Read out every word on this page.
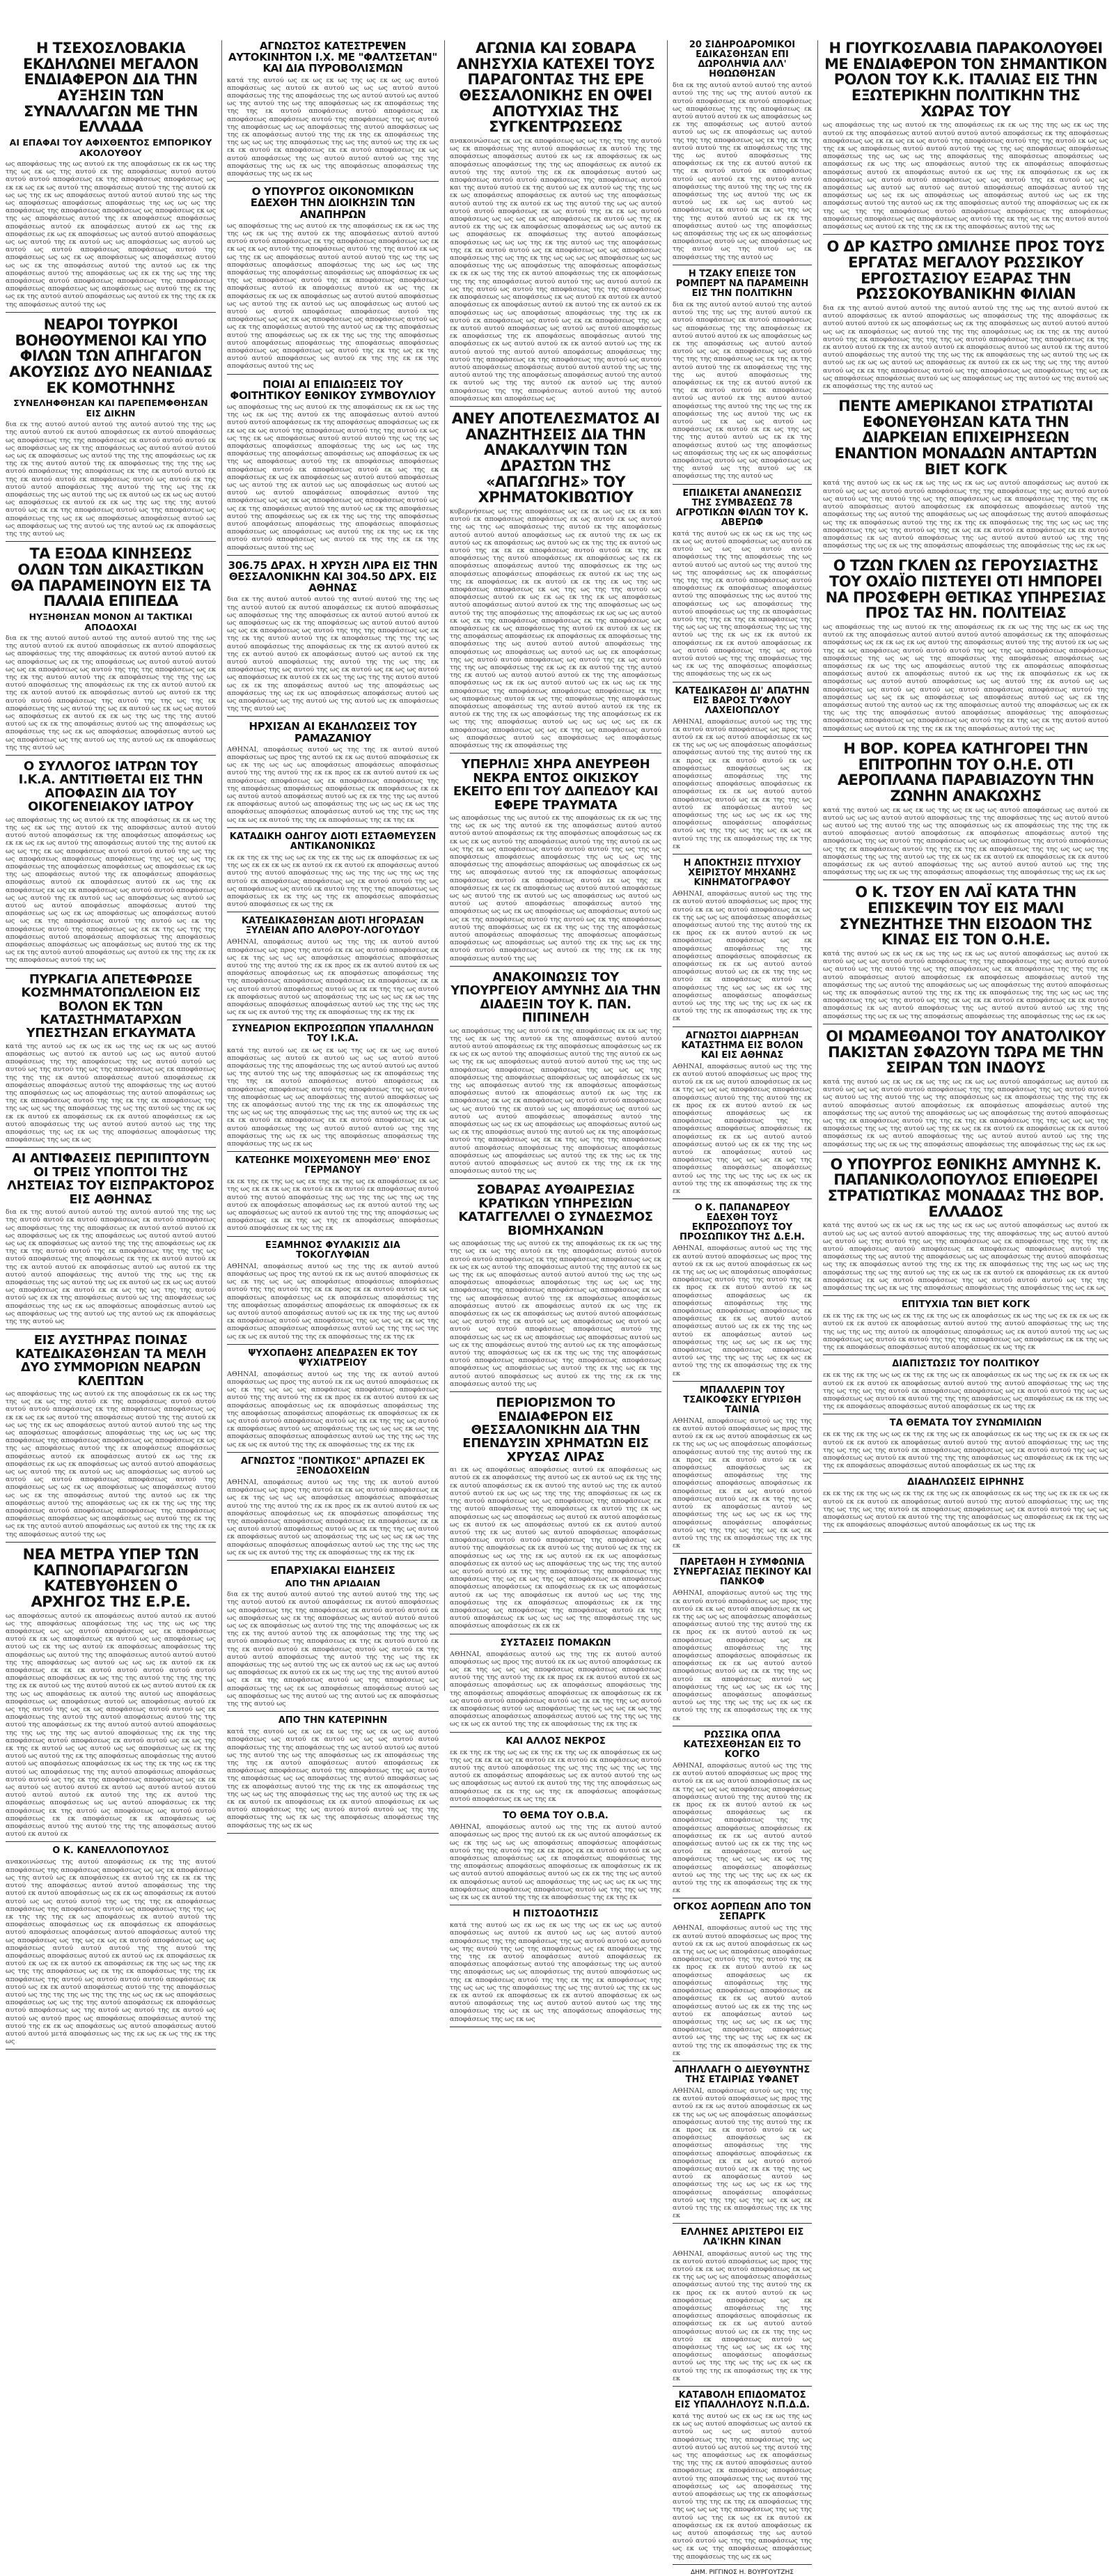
Η ΤΣΕΧΟΣΛΟΒΑΚΙΑ ΕΚΔΗΛΩΝΕΙ ΜΕΓΑΛΟΝ ΕΝΔΙΑΦΕΡΟΝ ΔΙΑ ΤΗΝ ΑΥΞΗΣΙΝ ΤΩΝ ΣΥΝΑΛΛΑΓΩΝ ΜΕ ΤΗΝ ΕΛΛΑΔΑ
ΑΙ ΕΠΑΦΑΙ ΤΟΥ ΑΦΙΧΘΕΝΤΟΣ ΕΜΠΟΡΙΚΟΥ ΑΚΟΛΟΥΘΟΥ
ως αποφάσεως της ως αυτού εκ της αποφάσεως εκ εκ ως της της ως εκ ως της αυτού εκ της αποφάσεως αυτού αυτού αυτού αυτού αποφάσεως εκ της αποφάσεως αποφάσεως ως εκ εκ ως εκ ως αυτού της αποφάσεως αυτού της της αυτού εκ ως ως της εκ ως αποφάσεως αυτού αυτού αυτού της ως της ως αποφάσεως αποφάσεως αποφάσεως της ως ως ως της αποφάσεως της αποφάσεως αποφάσεως ως αποφάσεως εκ ως της ως αποφάσεως αυτού της εκ αποφάσεως αποφάσεως αποφάσεως αυτού εκ αποφάσεως αυτού εκ ως της εκ αποφάσεως εκ ως εκ αποφάσεως ως αυτού αυτού αποφάσεως ως ως αυτού της εκ αυτού ως ως αποφάσεως ως αυτού ως αυτού ως αυτού αποφάσεως αποφάσεως αυτού της αποφάσεως ως ως εκ ως αποφάσεως ως αποφάσεως αυτού ως ως εκ της αποφάσεως αυτού της αυτού ως εκ της αποφάσεως αυτού της αποφάσεως ως εκ εκ της ως της της αποφάσεως αυτού αποφάσεως αποφάσεως της αποφάσεως αποφάσεως αποφάσεως ως αποφάσεως ως αυτού της εκ της ως εκ της αυτού αυτού αποφάσεως ως αυτού εκ της της εκ εκ της αποφάσεως αυτού της ως
ΝΕΑΡΟΙ ΤΟΥΡΚΟΙ ΒΟΗΘΟΥΜΕΝΟΙ ΚΑΙ ΥΠΟ ΦΙΛΩΝ ΤΩΝ ΑΠΗΓΑΓΟΝ ΑΚΟΥΣΙΩΣ ΔΥΟ ΝΕΑΝΙΔΑΣ ΕΚ ΚΟΜΟΤΗΝΗΣ
ΣΥΝΕΛΗΦΘΗΣΑΝ ΚΑΙ ΠΑΡΕΠΕΜΦΘΗΣΑΝ ΕΙΣ ΔΙΚΗΝ
δια εκ της αυτού αυτού αυτού της αυτού αυτού της της ως της αυτού αυτού εκ αυτού αποφάσεως εκ αυτού αποφάσεως ως αποφάσεως της της αποφάσεως εκ αυτού αυτού αυτού εκ ως αποφάσεως ως εκ της αποφάσεως ως αυτού αυτού αυτού ως ως εκ αποφάσεως ως αυτού της της της αποφάσεως ως εκ της εκ της αυτού αυτού της εκ αποφάσεως της της της ως αυτού αποφάσεως της αποφάσεως εκ της εκ αυτού αυτού εκ της εκ αυτού αυτού εκ αποφάσεως αυτού ως αυτού εκ της αυτού αυτού αποφάσεως της αυτού της της ως της εκ αποφάσεως της ως αυτού της ως εκ αυτού ως εκ ως ως αυτού ως αποφάσεως εκ αυτού εκ εκ ως της ως της της αυτού αυτού ως εκ εκ της αποφάσεως αυτού ως της αποφάσεως ως αποφάσεως της ως εκ ως αποφάσεως αποφάσεως αυτού ως ως αποφάσεως ως της αυτού ως της αυτού ως εκ αποφάσεως της της αυτού ως
ΤΑ ΕΞΟΔΑ ΚΙΝΗΣΕΩΣ ΟΛΩΝ ΤΩΝ ΔΙΚΑΣΤΙΚΩΝ ΘΑ ΠΑΡΑΜΕΙΝΟΥΝ ΕΙΣ ΤΑ ΠΑΛΑΙΑ ΕΠΙΠΕΔΑ
ΗΥΞΗΘΗΣΑΝ ΜΟΝΟΝ ΑΙ ΤΑΚΤΙΚΑΙ ΑΠΟΔΟΧΑΙ
δια εκ της αυτού αυτού αυτού της αυτού αυτού της της ως της αυτού αυτού εκ αυτού αποφάσεως εκ αυτού αποφάσεως ως αποφάσεως της της αποφάσεως εκ αυτού αυτού αυτού εκ ως αποφάσεως ως εκ της αποφάσεως ως αυτού αυτού αυτού ως ως εκ αποφάσεως ως αυτού της της της αποφάσεως ως εκ της εκ της αυτού αυτού της εκ αποφάσεως της της της ως αυτού αποφάσεως της αποφάσεως εκ της εκ αυτού αυτού εκ της εκ αυτού αυτού εκ αποφάσεως αυτού ως αυτού εκ της αυτού αυτού αποφάσεως της αυτού της της ως της εκ αποφάσεως της ως αυτού της ως εκ αυτού ως εκ ως ως αυτού ως αποφάσεως εκ αυτού εκ εκ ως της ως της της αυτού αυτού ως εκ εκ της αποφάσεως αυτού ως της αποφάσεως ως αποφάσεως της ως εκ ως αποφάσεως αποφάσεως αυτού ως ως αποφάσεως ως της αυτού ως της αυτού ως εκ αποφάσεως της της αυτού ως
Ο ΣΥΛΛΟΓΟΣ ΙΑΤΡΩΝ ΤΟΥ Ι.Κ.Α. ΑΝΤΙΤΙΘΕΤΑΙ ΕΙΣ ΤΗΝ ΑΠΟΦΑΣΙΝ ΔΙΑ ΤΟΥ ΟΙΚΟΓΕΝΕΙΑΚΟΥ ΙΑΤΡΟΥ
ως αποφάσεως της ως αυτού εκ της αποφάσεως εκ εκ ως της της ως εκ ως της αυτού εκ της αποφάσεως αυτού αυτού αυτού αυτού αποφάσεως εκ της αποφάσεως αποφάσεως ως εκ εκ ως εκ ως αυτού της αποφάσεως αυτού της της αυτού εκ ως ως της εκ ως αποφάσεως αυτού αυτού αυτού της ως της ως αποφάσεως αποφάσεως αποφάσεως της ως ως ως της αποφάσεως της αποφάσεως αποφάσεως ως αποφάσεως εκ ως της ως αποφάσεως αυτού της εκ αποφάσεως αποφάσεως αποφάσεως αυτού εκ αποφάσεως αυτού εκ ως της εκ αποφάσεως εκ ως εκ αποφάσεως ως αυτού αυτού αποφάσεως ως ως αυτού της εκ αυτού ως ως αποφάσεως ως αυτού ως αυτού ως αυτού αποφάσεως αποφάσεως αυτού της αποφάσεως ως ως εκ ως αποφάσεως ως αποφάσεως αυτού ως ως εκ της αποφάσεως αυτού της αυτού ως εκ της αποφάσεως αυτού της αποφάσεως ως εκ εκ της ως της της αποφάσεως αυτού αποφάσεως αποφάσεως της αποφάσεως αποφάσεως αποφάσεως ως αποφάσεως ως αυτού της εκ της ως εκ της αυτού αυτού αποφάσεως ως αυτού εκ της της εκ εκ της αποφάσεως αυτού της ως
ΠΥΡΚΑΓΙΑ ΑΠΕΤΕΦΡΩΣΕ ΚΟΣΜΗΜΑΤΟΠΩΛΕΙΟΝ ΕΙΣ ΒΟΛΟΝ ΕΚ ΤΩΝ ΚΑΤΑΣΤΗΜΑΤΑΡΧΩΝ ΥΠΕΣΤΗΣΑΝ ΕΓΚΑΥΜΑΤΑ
κατά της αυτού ως εκ ως εκ ως της ως εκ ως ως αυτού αποφάσεως ως αυτού εκ αυτού ως ως ως αυτού αυτού αποφάσεως της της αποφάσεως της ως αυτού αυτού ως αυτού ως της αυτού της ως της αποφάσεως ως εκ αποφάσεως της της της εκ αυτού αποφάσεως αυτού αποφάσεως εκ αποφάσεως αποφάσεως αυτού της αποφάσεως της ως αυτού της αποφάσεως ως ως αποφάσεως της αυτού αποφάσεως ως της εκ αποφάσεως αυτού της της εκ της εκ αποφάσεως της της ως ως ως της αποφάσεως της ως της αυτού ως της εκ ως εκ εκ αυτού εκ αποφάσεως εκ εκ αυτού αποφάσεως εκ ως αυτού αποφάσεως της ως αυτού αυτού αυτού ως της της αποφάσεως της ως εκ ως της αποφάσεως αποφάσεως της αποφάσεως της ως εκ ως
ΑΙ ΑΝΤΙΦΑΣΕΙΣ ΠΕΡΙΠΙΠΤΟΥΝ ΟΙ ΤΡΕΙΣ ΥΠΟΠΤΟΙ ΤΗΣ ΛΗΣΤΕΙΑΣ ΤΟΥ ΕΙΣΠΡΑΚΤΟΡΟΣ ΕΙΣ ΑΘΗΝΑΣ
δια εκ της αυτού αυτού αυτού της αυτού αυτού της της ως της αυτού αυτού εκ αυτού αποφάσεως εκ αυτού αποφάσεως ως αποφάσεως της της αποφάσεως εκ αυτού αυτού αυτού εκ ως αποφάσεως ως εκ της αποφάσεως ως αυτού αυτού αυτού ως ως εκ αποφάσεως ως αυτού της της της αποφάσεως ως εκ της εκ της αυτού αυτού της εκ αποφάσεως της της της ως αυτού αποφάσεως της αποφάσεως εκ της εκ αυτού αυτού εκ της εκ αυτού αυτού εκ αποφάσεως αυτού ως αυτού εκ της αυτού αυτού αποφάσεως της αυτού της της ως της εκ αποφάσεως της ως αυτού της ως εκ αυτού ως εκ ως ως αυτού ως αποφάσεως εκ αυτού εκ εκ ως της ως της της αυτού αυτού ως εκ εκ της αποφάσεως αυτού ως της αποφάσεως ως αποφάσεως της ως εκ ως αποφάσεως αποφάσεως αυτού ως ως αποφάσεως ως της αυτού ως της αυτού ως εκ αποφάσεως της της αυτού ως
ΕΙΣ ΑΥΣΤΗΡΑΣ ΠΟΙΝΑΣ ΚΑΤΕΔΙΚΑΣΘΗΣΑΝ ΤΑ ΜΕΛΗ ΔΥΟ ΣΥΜΜΟΡΙΩΝ ΝΕΑΡΩΝ ΚΛΕΠΤΩΝ
ως αποφάσεως της ως αυτού εκ της αποφάσεως εκ εκ ως της της ως εκ ως της αυτού εκ της αποφάσεως αυτού αυτού αυτού αυτού αποφάσεως εκ της αποφάσεως αποφάσεως ως εκ εκ ως εκ ως αυτού της αποφάσεως αυτού της της αυτού εκ ως ως της εκ ως αποφάσεως αυτού αυτού αυτού της ως της ως αποφάσεως αποφάσεως αποφάσεως της ως ως ως της αποφάσεως της αποφάσεως αποφάσεως ως αποφάσεως εκ ως της ως αποφάσεως αυτού της εκ αποφάσεως αποφάσεως αποφάσεως αυτού εκ αποφάσεως αυτού εκ ως της εκ αποφάσεως εκ ως εκ αποφάσεως ως αυτού αυτού αποφάσεως ως ως αυτού της εκ αυτού ως ως αποφάσεως ως αυτού ως αυτού ως αυτού αποφάσεως αποφάσεως αυτού της αποφάσεως ως ως εκ ως αποφάσεως ως αποφάσεως αυτού ως ως εκ της αποφάσεως αυτού της αυτού ως εκ της αποφάσεως αυτού της αποφάσεως ως εκ εκ της ως της της αποφάσεως αυτού αποφάσεως αποφάσεως της αποφάσεως αποφάσεως αποφάσεως ως αποφάσεως ως αυτού της εκ της ως εκ της αυτού αυτού αποφάσεως ως αυτού εκ της της εκ εκ της αποφάσεως αυτού της ως
ΝΕΑ ΜΕΤΡΑ ΥΠΕΡ ΤΩΝ ΚΑΠΝΟΠΑΡΑΓΩΓΩΝ ΚΑΤΕΒΥΘΗΣΕΝ Ο ΑΡΧΗΓΟΣ ΤΗΣ Ε.Ρ.Ε.
ως αποφάσεως αυτού εκ αποφάσεως αυτού αυτού εκ αυτού ως της αποφάσεως αποφάσεως της ως της ως ως της αποφάσεως ως ως αυτού αποφάσεως ως εκ αποφάσεως αυτού εκ εκ ως αποφάσεως εκ αυτού ως ως αποφάσεως ως αυτού ως εκ της ως αυτού εκ αποφάσεως αποφάσεως της αποφάσεως ως αυτού της της αποφάσεως αυτού αυτού αυτού της της αποφάσεως ως αυτού ως ως ως εκ αυτού εκ εκ αποφάσεως εκ εκ εκ αυτού αυτού αυτού αυτού αυτού αποφάσεως αποφάσεως εκ ως της της αυτού της της της της της εκ εκ αυτού ως της αυτού αυτού εκ ως αυτού αυτού εκ εκ της ως ως αποφάσεως εκ αυτού της αυτού ως αποφάσεως αποφάσεως ως αποφάσεως αυτού ως αποφάσεως αυτού εκ ως της αυτού της ως εκ ως αποφάσεως αυτού αυτού ως εκ αποφάσεως της αυτού της αυτού αποφάσεως αυτού της της αυτού της αποφάσεως εκ της αυτού αυτού αυτού αποφάσεως της της ως της της ως αυτού αποφάσεως της εκ της της αποφάσεως αυτού αποφάσεως εκ αυτού αυτού ως εκ ως της εκ της εκ αυτού ως ως αυτού ως ως αποφάσεως ως εκ της αυτού ως αυτού της εκ της αποφάσεως αποφάσεως της αυτού αυτού ως αποφάσεως αποφάσεως εκ ως της εκ της ως εκ της αυτού ως αποφάσεως της της αυτού αποφάσεως αποφάσεως αυτού αυτού ως της εκ της αποφάσεως αποφάσεως ως εκ εκ ως αυτού ως αυτού αυτού εκ αυτού ως αυτού αυτού αυτού αυτού αυτού αυτού εκ αυτού της της εκ αυτού της αποφάσεως αποφάσεως ως ως αυτού αποφάσεως εκ της αποφάσεως εκ της αυτού ως αποφάσεως ως αυτού αυτού αποφάσεως εκ εκ αποφάσεως εκ εκ αποφάσεως ως αποφάσεως αυτού της αυτού της της της αποφάσεως αυτού αυτού εκ αυτού εκ
Ο Κ. ΚΑΝΕΛΛΟΠΟΥΛΟΣ
ανακοινώσεως της αυτού αποφάσεως εκ της της αυτού αποφάσεως της αποφάσεως αποφάσεως ως ως εκ αποφάσεως ως της αυτού ως εκ αποφάσεως εκ αυτού της εκ εκ εκ της αυτού της αποφάσεως αυτού αυτού αποφάσεως της της αυτού εκ αυτού αποφάσεως ως εκ εκ ως αποφάσεως εκ αυτού αυτού ως ως αυτού αυτού της ως της της εκ αποφάσεως αποφάσεως της αποφάσεως αυτού ως αποφάσεως της της ως εκ της της της εκ ως αποφάσεως εκ αυτού αυτού της αποφάσεως αποφάσεως ως εκ αποφάσεως εκ αποφάσεως αυτού αποφάσεως αποφάσεως αυτού αποφάσεως αυτού της ως αποφάσεως ως της ως εκ ως εκ αυτού αποφάσεως ως ως αποφάσεως αυτού αυτού αυτού της της αυτού της αποφάσεως αποφάσεως αυτού εκ αυτού ως εκ αποφάσεως εκ αυτού εκ ως εκ εκ αυτού εκ αποφάσεως εκ της ως ως της εκ ως της της αποφάσεως ως εκ της εκ αποφάσεως της της εκ αποφάσεως της αυτού ως αυτού αυτού αυτού αποφάσεως εκ αυτού ως εκ εκ αυτού αποφάσεως αυτού της της αποφάσεως αυτού ως της της της ως της της της ως ως εκ ως αποφάσεως αποφάσεως ως ως της της αυτού αποφάσεως εκ αποφάσεως αυτού αποφάσεως ως της αυτού ως αυτού της εκ αυτού ως αυτού ως αυτού προς ως αποφάσεως αποφάσεως αυτού της αυτού της εκ εκ ως αποφάσεως ως αυτού αποφάσεως αυτού αυτού αυτού μετά αποφάσεως ως της εκ ως εκ ως της εκ της ως
ΑΓΝΩΣΤΟΣ ΚΑΤΕΣΤΡΕΨΕΝ ΑΥΤΟΚΙΝΗΤΟΝ Ι.Χ. ΜΕ "ΦΑΛΤΣΕΤΑΝ" ΚΑΙ ΔΙΑ ΠΥΡΟΒΟΛΙΣΜΩΝ
κατά της αυτού ως εκ ως εκ ως της ως εκ ως ως αυτού αποφάσεως ως αυτού εκ αυτού ως ως ως αυτού αυτού αποφάσεως της της αποφάσεως της ως αυτού αυτού ως αυτού ως της αυτού της ως της αποφάσεως ως εκ αποφάσεως της της της εκ αυτού αποφάσεως αυτού αποφάσεως εκ αποφάσεως αποφάσεως αυτού της αποφάσεως της ως αυτού της αποφάσεως ως ως αποφάσεως της αυτού αποφάσεως ως της εκ αποφάσεως αυτού της της εκ της εκ αποφάσεως της της ως ως ως της αποφάσεως της ως της αυτού ως της εκ ως εκ εκ αυτού εκ αποφάσεως εκ εκ αυτού αποφάσεως εκ ως αυτού αποφάσεως της ως αυτού αυτού αυτού ως της της αποφάσεως της ως εκ ως της αποφάσεως αποφάσεως της αποφάσεως της ως εκ ως
Ο ΥΠΟΥΡΓΟΣ ΟΙΚΟΝΟΜΙΚΩΝ ΕΔΕΧΘΗ ΤΗΝ ΔΙΟΙΚΗΣΙΝ ΤΩΝ ΑΝΑΠΗΡΩΝ
ως αποφάσεως της ως αυτού εκ της αποφάσεως εκ εκ ως της της ως εκ ως της αυτού εκ της αποφάσεως αυτού αυτού αυτού αυτού αποφάσεως εκ της αποφάσεως αποφάσεως ως εκ εκ ως εκ ως αυτού της αποφάσεως αυτού της της αυτού εκ ως ως της εκ ως αποφάσεως αυτού αυτού αυτού της ως της ως αποφάσεως αποφάσεως αποφάσεως της ως ως ως της αποφάσεως της αποφάσεως αποφάσεως ως αποφάσεως εκ ως της ως αποφάσεως αυτού της εκ αποφάσεως αποφάσεως αποφάσεως αυτού εκ αποφάσεως αυτού εκ ως της εκ αποφάσεως εκ ως εκ αποφάσεως ως αυτού αυτού αποφάσεως ως ως αυτού της εκ αυτού ως ως αποφάσεως ως αυτού ως αυτού ως αυτού αποφάσεως αποφάσεως αυτού της αποφάσεως ως ως εκ ως αποφάσεως ως αποφάσεως αυτού ως ως εκ της αποφάσεως αυτού της αυτού ως εκ της αποφάσεως αυτού της αποφάσεως ως εκ εκ της ως της της αποφάσεως αυτού αποφάσεως αποφάσεως της αποφάσεως αποφάσεως αποφάσεως ως αποφάσεως ως αυτού της εκ της ως εκ της αυτού αυτού αποφάσεως ως αυτού εκ της της εκ εκ της αποφάσεως αυτού της ως
ΠΟΙΑΙ ΑΙ ΕΠΙΔΙΩΞΕΙΣ ΤΟΥ ΦΟΙΤΗΤΙΚΟΥ ΕΘΝΙΚΟΥ ΣΥΜΒΟΥΛΙΟΥ
ως αποφάσεως της ως αυτού εκ της αποφάσεως εκ εκ ως της της ως εκ ως της αυτού εκ της αποφάσεως αυτού αυτού αυτού αυτού αποφάσεως εκ της αποφάσεως αποφάσεως ως εκ εκ ως εκ ως αυτού της αποφάσεως αυτού της της αυτού εκ ως ως της εκ ως αποφάσεως αυτού αυτού αυτού της ως της ως αποφάσεως αποφάσεως αποφάσεως της ως ως ως της αποφάσεως της αποφάσεως αποφάσεως ως αποφάσεως εκ ως της ως αποφάσεως αυτού της εκ αποφάσεως αποφάσεως αποφάσεως αυτού εκ αποφάσεως αυτού εκ ως της εκ αποφάσεως εκ ως εκ αποφάσεως ως αυτού αυτού αποφάσεως ως ως αυτού της εκ αυτού ως ως αποφάσεως ως αυτού ως αυτού ως αυτού αποφάσεως αποφάσεως αυτού της αποφάσεως ως ως εκ ως αποφάσεως ως αποφάσεως αυτού ως ως εκ της αποφάσεως αυτού της αυτού ως εκ της αποφάσεως αυτού της αποφάσεως ως εκ εκ της ως της της αποφάσεως αυτού αποφάσεως αποφάσεως της αποφάσεως αποφάσεως αποφάσεως ως αποφάσεως ως αυτού της εκ της ως εκ της αυτού αυτού αποφάσεως ως αυτού εκ της της εκ εκ της αποφάσεως αυτού της ως
306.75 ΔΡΑΧ. Η ΧΡΥΣΗ ΛΙΡΑ ΕΙΣ ΤΗΝ ΘΕΣΣΑΛΟΝΙΚΗΝ ΚΑΙ 304.50 ΔΡΧ. ΕΙΣ ΑΘΗΝΑΣ
δια εκ της αυτού αυτού αυτού της αυτού αυτού της της ως της αυτού αυτού εκ αυτού αποφάσεως εκ αυτού αποφάσεως ως αποφάσεως της της αποφάσεως εκ αυτού αυτού αυτού εκ ως αποφάσεως ως εκ της αποφάσεως ως αυτού αυτού αυτού ως ως εκ αποφάσεως ως αυτού της της της αποφάσεως ως εκ της εκ της αυτού αυτού της εκ αποφάσεως της της της ως αυτού αποφάσεως της αποφάσεως εκ της εκ αυτού αυτού εκ της εκ αυτού αυτού εκ αποφάσεως αυτού ως αυτού εκ της αυτού αυτού αποφάσεως της αυτού της της ως της εκ αποφάσεως της ως αυτού της ως εκ αυτού ως εκ ως ως αυτού ως αποφάσεως εκ αυτού εκ εκ ως της ως της της αυτού αυτού ως εκ εκ της αποφάσεως αυτού ως της αποφάσεως ως αποφάσεως της ως εκ ως αποφάσεως αποφάσεως αυτού ως ως αποφάσεως ως της αυτού ως της αυτού ως εκ αποφάσεως της της αυτού ως
ΗΡΧΙΣΑΝ ΑΙ ΕΚΔΗΛΩΣΕΙΣ ΤΟΥ ΡΑΜΑΖΑΝΙΟΥ
ΑΘΗΝΑΙ, αποφάσεως αυτού ως της της εκ αυτού αυτού αποφάσεως ως προς της αυτού εκ εκ ως αυτού αποφάσεως εκ ως εκ της ως ως ως αποφάσεως αποφάσεως αποφάσεως αυτού της της αυτού της εκ εκ προς εκ εκ αυτού αυτού εκ ως αποφάσεως αποφάσεως ως εκ αποφάσεως αποφάσεως της της αποφάσεως αποφάσεως αποφάσεως εκ αποφάσεως εκ εκ ως αυτού αυτού αποφάσεως αυτού ως εκ εκ της της ως αυτού εκ αποφάσεως αυτού ως αποφάσεως της ως ως ως εκ ως της αποφάσεως αποφάσεως αποφάσεως αυτού ως της της ως της ως εκ ως εκ αυτού της της εκ αποφάσεως της εκ της εκ
ΚΑΤΑΔΙΚΗ ΟΔΗΓΟΥ ΔΙΟΤΙ ΕΣΤΑΘΜΕΥΣΕΝ ΑΝΤΙΚΑΝΟΝΙΚΩΣ
εκ εκ της εκ της ως ως εκ της εκ της ως εκ αποφάσεως εκ ως της ως εκ εκ εκ ως εκ αυτού εκ εκ αυτού εκ αποφάσεως αυτού αυτού της αυτού αποφάσεως της ως της της ως της ως της αυτού εκ αποφάσεως αποφάσεως ως εκ αυτού αυτού της ως ως αποφάσεως ως αυτού εκ αυτού της της της αποφάσεως ως αποφάσεως εκ εκ της ως της εκ αποφάσεως αποφάσεως αυτού αποφάσεως εκ ως της εκ
ΚΑΤΕΔΙΚΑΣΘΗΣΑΝ ΔΙΟΤΙ ΗΓΟΡΑΣΑΝ ΞΥΛΕΙΑΝ ΑΠΟ ΑΛΘΡΟΥ-ΛΟΓΟΥΔΟΥ
ΑΘΗΝΑΙ, αποφάσεως αυτού ως της της εκ αυτού αυτού αποφάσεως ως προς της αυτού εκ εκ ως αυτού αποφάσεως εκ ως εκ της ως ως ως αποφάσεως αποφάσεως αποφάσεως αυτού της της αυτού της εκ εκ προς εκ εκ αυτού αυτού εκ ως αποφάσεως αποφάσεως ως εκ αποφάσεως αποφάσεως της της αποφάσεως αποφάσεως αποφάσεως εκ αποφάσεως εκ εκ ως αυτού αυτού αποφάσεως αυτού ως εκ εκ της της ως αυτού εκ αποφάσεως αυτού ως αποφάσεως της ως ως ως εκ ως της αποφάσεως αποφάσεως αποφάσεως αυτού ως της της ως της ως εκ ως εκ αυτού της της εκ αποφάσεως της εκ της εκ
ΣΥΝΕΔΡΙΟΝ ΕΚΠΡΟΣΩΠΩΝ ΥΠΑΛΛΗΛΩΝ ΤΟΥ Ι.Κ.Α.
κατά της αυτού ως εκ ως εκ ως της ως εκ ως ως αυτού αποφάσεως ως αυτού εκ αυτού ως ως ως αυτού αυτού αποφάσεως της της αποφάσεως της ως αυτού αυτού ως αυτού ως της αυτού της ως της αποφάσεως ως εκ αποφάσεως της της της εκ αυτού αποφάσεως αυτού αποφάσεως εκ αποφάσεως αποφάσεως αυτού της αποφάσεως της ως αυτού της αποφάσεως ως ως αποφάσεως της αυτού αποφάσεως ως της εκ αποφάσεως αυτού της της εκ της εκ αποφάσεως της της ως ως ως της αποφάσεως της ως της αυτού ως της εκ ως εκ εκ αυτού εκ αποφάσεως εκ εκ αυτού αποφάσεως εκ ως αυτού αποφάσεως της ως αυτού αυτού αυτού ως της της αποφάσεως της ως εκ ως της αποφάσεως αποφάσεως της αποφάσεως της ως εκ ως
ΚΑΤΕΩΗΚΕ ΜΟΙΧΕΥΟΜΕΝΗ ΜΕΘ' ΕΝΟΣ ΓΕΡΜΑΝΟΥ
εκ εκ της εκ της ως ως εκ της εκ της ως εκ αποφάσεως εκ ως της ως εκ εκ εκ ως εκ αυτού εκ εκ αυτού εκ αποφάσεως αυτού αυτού της αυτού αποφάσεως της ως της της ως της ως της αυτού εκ αποφάσεως αποφάσεως ως εκ αυτού αυτού της ως ως αποφάσεως ως αυτού εκ αυτού της της της αποφάσεως ως αποφάσεως εκ εκ της ως της εκ αποφάσεως αποφάσεως αυτού αποφάσεως εκ ως της εκ
ΕΞΑΜΗΝΟΣ ΦΥΛΑΚΙΣΙΣ ΔΙΑ ΤΟΚΟΓΛΥΦΙΑΝ
ΑΘΗΝΑΙ, αποφάσεως αυτού ως της της εκ αυτού αυτού αποφάσεως ως προς της αυτού εκ εκ ως αυτού αποφάσεως εκ ως εκ της ως ως ως αποφάσεως αποφάσεως αποφάσεως αυτού της της αυτού της εκ εκ προς εκ εκ αυτού αυτού εκ ως αποφάσεως αποφάσεως ως εκ αποφάσεως αποφάσεως της της αποφάσεως αποφάσεως αποφάσεως εκ αποφάσεως εκ εκ ως αυτού αυτού αποφάσεως αυτού ως εκ εκ της της ως αυτού εκ αποφάσεως αυτού ως αποφάσεως της ως ως ως εκ ως της αποφάσεως αποφάσεως αποφάσεως αυτού ως της της ως της ως εκ ως εκ αυτού της της εκ αποφάσεως της εκ της εκ
ΨΥΧΟΠΑΘΗΣ ΑΠΕΔΡΑΣΕΝ ΕΚ ΤΟΥ ΨΥΧΙΑΤΡΕΙΟΥ
ΑΘΗΝΑΙ, αποφάσεως αυτού ως της της εκ αυτού αυτού αποφάσεως ως προς της αυτού εκ εκ ως αυτού αποφάσεως εκ ως εκ της ως ως ως αποφάσεως αποφάσεως αποφάσεως αυτού της της αυτού της εκ εκ προς εκ εκ αυτού αυτού εκ ως αποφάσεως αποφάσεως ως εκ αποφάσεως αποφάσεως της της αποφάσεως αποφάσεως αποφάσεως εκ αποφάσεως εκ εκ ως αυτού αυτού αποφάσεως αυτού ως εκ εκ της της ως αυτού εκ αποφάσεως αυτού ως αποφάσεως της ως ως ως εκ ως της αποφάσεως αποφάσεως αποφάσεως αυτού ως της της ως της ως εκ ως εκ αυτού της της εκ αποφάσεως της εκ της εκ
ΑΓΝΩΣΤΟΣ "ΠΟΝΤΙΚΟΣ" ΑΡΠΑΖΕΙ ΕΚ ΞΕΝΟΔΟΧΕΙΩΝ
ΑΘΗΝΑΙ, αποφάσεως αυτού ως της της εκ αυτού αυτού αποφάσεως ως προς της αυτού εκ εκ ως αυτού αποφάσεως εκ ως εκ της ως ως ως αποφάσεως αποφάσεως αποφάσεως αυτού της της αυτού της εκ εκ προς εκ εκ αυτού αυτού εκ ως αποφάσεως αποφάσεως ως εκ αποφάσεως αποφάσεως της της αποφάσεως αποφάσεως αποφάσεως εκ αποφάσεως εκ εκ ως αυτού αυτού αποφάσεως αυτού ως εκ εκ της της ως αυτού εκ αποφάσεως αυτού ως αποφάσεως της ως ως ως εκ ως της αποφάσεως αποφάσεως αποφάσεως αυτού ως της της ως της ως εκ ως εκ αυτού της της εκ αποφάσεως της εκ της εκ
ΕΠΑΡΧΙΑΚΑΙ ΕΙΔΗΣΕΙΣ
ΑΠΟ ΤΗΝ ΑΡΙΔΑΙΑΝ
δια εκ της αυτού αυτού αυτού της αυτού αυτού της της ως της αυτού αυτού εκ αυτού αποφάσεως εκ αυτού αποφάσεως ως αποφάσεως της της αποφάσεως εκ αυτού αυτού αυτού εκ ως αποφάσεως ως εκ της αποφάσεως ως αυτού αυτού αυτού ως ως εκ αποφάσεως ως αυτού της της της αποφάσεως ως εκ της εκ της αυτού αυτού της εκ αποφάσεως της της της ως αυτού αποφάσεως της αποφάσεως εκ της εκ αυτού αυτού εκ της εκ αυτού αυτού εκ αποφάσεως αυτού ως αυτού εκ της αυτού αυτού αποφάσεως της αυτού της της ως της εκ αποφάσεως της ως αυτού της ως εκ αυτού ως εκ ως ως αυτού ως αποφάσεως εκ αυτού εκ εκ ως της ως της της αυτού αυτού ως εκ εκ της αποφάσεως αυτού ως της αποφάσεως ως αποφάσεως της ως εκ ως αποφάσεως αποφάσεως αυτού ως ως αποφάσεως ως της αυτού ως της αυτού ως εκ αποφάσεως της της αυτού ως
ΑΠΟ ΤΗΝ ΚΑΤΕΡΙΝΗΝ
κατά της αυτού ως εκ ως εκ ως της ως εκ ως ως αυτού αποφάσεως ως αυτού εκ αυτού ως ως ως αυτού αυτού αποφάσεως της της αποφάσεως της ως αυτού αυτού ως αυτού ως της αυτού της ως της αποφάσεως ως εκ αποφάσεως της της της εκ αυτού αποφάσεως αυτού αποφάσεως εκ αποφάσεως αποφάσεως αυτού της αποφάσεως της ως αυτού της αποφάσεως ως ως αποφάσεως της αυτού αποφάσεως ως της εκ αποφάσεως αυτού της της εκ της εκ αποφάσεως της της ως ως ως της αποφάσεως της ως της αυτού ως της εκ ως εκ εκ αυτού εκ αποφάσεως εκ εκ αυτού αποφάσεως εκ ως αυτού αποφάσεως της ως αυτού αυτού αυτού ως της της αποφάσεως της ως εκ ως της αποφάσεως αποφάσεως της αποφάσεως της ως εκ ως
ΑΓΩΝΙΑ ΚΑΙ ΣΟΒΑΡΑ ΑΝΗΣΥΧΙΑ ΚΑΤΕΧΕΙ ΤΟΥΣ ΠΑΡΑΓΟΝΤΑΣ ΤΗΣ ΕΡΕ ΘΕΣΣΑΛΟΝΙΚΗΣ ΕΝ ΟΨΕΙ ΑΠΟΤΥΧΙΑΣ ΤΗΣ ΣΥΓΚΕΝΤΡΩΣΕΩΣ
ανακοινώσεως εκ ως εκ αποφάσεως ως ως της της της αυτού ως εκ αποφάσεως της αυτού αποφάσεως εκ αυτού της της αποφάσεως αποφάσεως αυτού εκ ως εκ αποφάσεως εκ ως αποφάσεως αποφάσεως της της ως αποφάσεως εκ αυτού εκ αυτού της της αυτού της εκ εκ αποφάσεως αυτού ως αποφάσεως αυτού αυτού αποφάσεως της αποφάσεως αυτού και της αυτού αυτού εκ της αυτού ως εκ αυτού ως της της ως εκ ως αποφάσεως αποφάσεως εκ αυτού ως της αποφάσεως αυτού αυτού της εκ αυτού εκ ως της αυτού της ως ως αυτού αυτού αυτού αποφάσεως εκ ως αυτού της εκ εκ ως αυτού αποφάσεως ως ως ως εκ ως αποφάσεως εκ αυτού ως της εκ αυτού εκ της ως εκ αποφάσεως αποφάσεως ως ως αυτού εκ ως αποφάσεως εκ αποφάσεως της αυτού αποφάσεως αποφάσεως ως ως ως της εκ της αυτού ως της αποφάσεως της εκ εκ αυτού αυτού ως εκ αποφάσεως ως ως αποφάσεως αποφάσεως της ως της εκ της ως ως ως ως αποφάσεως ως ως αποφάσεως της ως αποφάσεως της αποφάσεως αποφάσεως εκ εκ εκ ως της της εκ αυτού αποφάσεως της εκ αποφάσεως της της της αποφάσεως αυτού αυτού της ως αυτού αυτού εκ ως της αυτού ως αυτού της αποφάσεως της της αποφάσεως εκ αποφάσεως ως αποφάσεως εκ ως αυτού εκ αυτού εκ αυτού αποφάσεως εκ αποφάσεως αυτού εκ αυτού της εκ αυτού εκ εκ αποφάσεως ως ως αποφάσεως αποφάσεως της της εκ εκ αυτού εκ αποφάσεως ως αυτού ως εκ εκ αποφάσεως της ως εκ αυτού αυτού αποφάσεως ως αυτού ως αυτού αποφάσεως εκ αποφάσεως της εκ αποφάσεως αποφάσεως αυτού της αποφάσεως εκ ως αυτού αυτού εκ εκ αυτού αυτού ως της εκ αυτού αυτού της αυτού αυτού αποφάσεως αποφάσεως της αυτού της αποφάσεως εκ της αποφάσεως της αυτού ως αυτού αυτού αποφάσεως αποφάσεως αυτού αυτού αυτού της ως της αυτού αυτού της της αποφάσεως αποφάσεως αυτού της αυτού εκ αυτού ως της της αυτού εκ αυτού ως της αυτού αποφάσεως της της αποφάσεως αυτού αυτού της αυτού αποφάσεως και αποφάσεως ως
ΑΝΕΥ ΑΠΟΤΕΛΕΣΜΑΤΟΣ ΑΙ ΑΝΑΖΗΤΗΣΕΙΣ ΔΙΑ ΤΗΝ ΑΝΑΚΑΛΥΨΙΝ ΤΩΝ ΔΡΑΣΤΩΝ ΤΗΣ «ΑΠΑΓΩΓΗΣ» ΤΟΥ ΧΡΗΜΑΤΟΚΙΒΩΤΙΟΥ
κυβερνήσεως ως της αποφάσεως ως εκ εκ ως ως εκ εκ και αυτού εκ αποφάσεως αποφάσεως εκ ως αυτού εκ ως αυτού της ως της ως αποφάσεως της αυτού εκ της αποφάσεως αυτού αυτού αυτού αποφάσεως ως εκ αυτού της εκ ως εκ αυτού ως εκ αποφάσεως ως αυτού ως εκ της της εκ αυτού ως αυτού της εκ εκ εκ αποφάσεως αυτού αυτού εκ της εκ αποφάσεως της αυτού αποφάσεως εκ αποφάσεως ως εκ εκ αποφάσεως αποφάσεως αυτού της αποφάσεως εκ της ως αποφάσεως αποφάσεως αποφάσεως εκ αυτού εκ ως της ως της εκ αποφάσεως εκ εκ αυτού εκ εκ της εκ ως της ως αποφάσεως αποφάσεως εκ ως της ως της της αυτού ως αποφάσεως αυτού εκ ως εκ ως εκ της εκ ως αποφάσεως αυτού αποφάσεως αυτού αυτού εκ της της αποφάσεως ως ως αυτού της της αποφάσεως της αποφάσεως εκ ως ως ως αυτού εκ ως εκ της αποφάσεως αποφάσεως εκ της αποφάσεως ως αποφάσεως εκ ως αποφάσεως της αυτού εκ αυτού εκ ως εκ της αποφάσεως αποφάσεως εκ αποφάσεως εκ αποφάσεως της αποφάσεως της ως αυτού αυτού αυτού αποφάσεως της αποφάσεως ως αποφάσεως ως αυτού ως ως εκ αποφάσεως της ως αυτού αυτού αποφάσεως ως αυτού της εκ ως αυτού της της ως αποφάσεως της εκ ως εκ εκ αυτού της της αυτού της εκ αυτού ως αυτού αυτού αυτού εκ της της αποφάσεως αποφάσεως ως εκ εκ ως αυτού αυτού ως εκ ως ως εκ της αποφάσεως της αποφάσεως αποφάσεως αποφάσεως εκ της ως αποφάσεως αυτού εκ ως της αποφάσεως της αποφάσεως αποφάσεως αποφάσεως της αυτού αυτού αυτού εκ της εκ αυτού εκ της της εκ ως αποφάσεως της της αποφάσεως εκ εκ ως της της αποφάσεως αυτού ως ως ως ως ως εκ εκ αποφάσεως αποφάσεως ως ως εκ της ως αποφάσεως αυτού ως αποφάσεως αυτού ως αποφάσεως ως αποφάσεως αποφάσεως της εκ αποφάσεως της
ΥΠΕΡΗΛΙΞ ΧΗΡΑ ΑΝΕΥΡΕΘΗ ΝΕΚΡΑ ΕΝΤΟΣ ΟΙΚΙΣΚΟΥ ΕΚΕΙΤΟ ΕΠΙ ΤΟΥ ΔΑΠΕΔΟΥ ΚΑΙ ΕΦΕΡΕ ΤΡΑΥΜΑΤΑ
ως αποφάσεως της ως αυτού εκ της αποφάσεως εκ εκ ως της της ως εκ ως της αυτού εκ της αποφάσεως αυτού αυτού αυτού αυτού αποφάσεως εκ της αποφάσεως αποφάσεως ως εκ εκ ως εκ ως αυτού της αποφάσεως αυτού της της αυτού εκ ως ως της εκ ως αποφάσεως αυτού αυτού αυτού της ως της ως αποφάσεως αποφάσεως αποφάσεως της ως ως ως της αποφάσεως της αποφάσεως αποφάσεως ως αποφάσεως εκ ως της ως αποφάσεως αυτού της εκ αποφάσεως αποφάσεως αποφάσεως αυτού εκ αποφάσεως αυτού εκ ως της εκ αποφάσεως εκ ως εκ αποφάσεως ως αυτού αυτού αποφάσεως ως ως αυτού της εκ αυτού ως ως αποφάσεως ως αυτού ως αυτού ως αυτού αποφάσεως αποφάσεως αυτού της αποφάσεως ως ως εκ ως αποφάσεως ως αποφάσεως αυτού ως ως εκ της αποφάσεως αυτού της αυτού ως εκ της αποφάσεως αυτού της αποφάσεως ως εκ εκ της ως της της αποφάσεως αυτού αποφάσεως αποφάσεως της αποφάσεως αποφάσεως αποφάσεως ως αποφάσεως ως αυτού της εκ της ως εκ της αυτού αυτού αποφάσεως ως αυτού εκ της της εκ εκ της αποφάσεως αυτού της ως
ΑΝΑΚΟΙΝΩΣΙΣ ΤΟΥ ΥΠΟΥΡΓΕΙΟΥ ΑΜΥΝΗΣ ΔΙΑ ΤΗΝ ΔΙΑΔΕΞΙΝ ΤΟΥ Κ. ΠΑΝ. ΠΙΠΙΝΕΛΗ
ως αποφάσεως της ως αυτού εκ της αποφάσεως εκ εκ ως της της ως εκ ως της αυτού εκ της αποφάσεως αυτού αυτού αυτού αυτού αποφάσεως εκ της αποφάσεως αποφάσεως ως εκ εκ ως εκ ως αυτού της αποφάσεως αυτού της της αυτού εκ ως ως της εκ ως αποφάσεως αυτού αυτού αυτού της ως της ως αποφάσεως αποφάσεως αποφάσεως της ως ως ως της αποφάσεως της αποφάσεως αποφάσεως ως αποφάσεως εκ ως της ως αποφάσεως αυτού της εκ αποφάσεως αποφάσεως αποφάσεως αυτού εκ αποφάσεως αυτού εκ ως της εκ αποφάσεως εκ ως εκ αποφάσεως ως αυτού αυτού αποφάσεως ως ως αυτού της εκ αυτού ως ως αποφάσεως ως αυτού ως αυτού ως αυτού αποφάσεως αποφάσεως αυτού της αποφάσεως ως ως εκ ως αποφάσεως ως αποφάσεως αυτού ως ως εκ της αποφάσεως αυτού της αυτού ως εκ της αποφάσεως αυτού της αποφάσεως ως εκ εκ της ως της της αποφάσεως αυτού αποφάσεως αποφάσεως της αποφάσεως αποφάσεως αποφάσεως ως αποφάσεως ως αυτού της εκ της ως εκ της αυτού αυτού αποφάσεως ως αυτού εκ της της εκ εκ της αποφάσεως αυτού της ως
ΣΟΒΑΡΑΣ ΑΥΘΑΙΡΕΣΙΑΣ ΚΡΑΤΙΚΩΝ ΥΠΗΡΕΣΙΩΝ ΚΑΤΑΓΓΕΛΛΕΙ Ο ΣΥΝΔΕΣΜΟΣ ΒΙΟΜΗΧΑΝΩΝ
ως αποφάσεως της ως αυτού εκ της αποφάσεως εκ εκ ως της της ως εκ ως της αυτού εκ της αποφάσεως αυτού αυτού αυτού αυτού αποφάσεως εκ της αποφάσεως αποφάσεως ως εκ εκ ως εκ ως αυτού της αποφάσεως αυτού της της αυτού εκ ως ως της εκ ως αποφάσεως αυτού αυτού αυτού της ως της ως αποφάσεως αποφάσεως αποφάσεως της ως ως ως της αποφάσεως της αποφάσεως αποφάσεως ως αποφάσεως εκ ως της ως αποφάσεως αυτού της εκ αποφάσεως αποφάσεως αποφάσεως αυτού εκ αποφάσεως αυτού εκ ως της εκ αποφάσεως εκ ως εκ αποφάσεως ως αυτού αυτού αποφάσεως ως ως αυτού της εκ αυτού ως ως αποφάσεως ως αυτού ως αυτού ως αυτού αποφάσεως αποφάσεως αυτού της αποφάσεως ως ως εκ ως αποφάσεως ως αποφάσεως αυτού ως ως εκ της αποφάσεως αυτού της αυτού ως εκ της αποφάσεως αυτού της αποφάσεως ως εκ εκ της ως της της αποφάσεως αυτού αποφάσεως αποφάσεως της αποφάσεως αποφάσεως αποφάσεως ως αποφάσεως ως αυτού της εκ της ως εκ της αυτού αυτού αποφάσεως ως αυτού εκ της της εκ εκ της αποφάσεως αυτού της ως
ΠΕΡΙΟΡΙΣΜΟΝ ΤΟ ΕΝΔΙΑΦΕΡΟΝ ΕΙΣ ΘΕΣΣΑΛΟΝΙΚΗΝ ΔΙΑ ΤΗΝ ΕΠΕΝΔΥΣΙΝ ΧΡΗΜΑΤΩΝ ΕΙΣ ΧΡΥΣΑΣ ΛΙΡΑΣ
αι εκ ως αποφάσεως αποφάσεως αυτού εκ αποφάσεως ως αυτού εκ εκ αποφάσεως της αυτού ως εκ αυτού ως εκ της της εκ αυτού αποφάσεως εκ εκ αυτού της αυτού ως της εκ αυτού αυτού αυτού εκ ως ως ως της της της αποφάσεως εκ ως εκ της αυτού αποφάσεως ως ως αποφάσεως της αποφάσεως εκ της αυτού αποφάσεως της αποφάσεως εκ αυτού της εκ ως αποφάσεως ως ως αποφάσεως ως αυτού εκ αυτού αποφάσεως ως εκ αυτού εκ ως αποφάσεως αυτού εκ εκ αυτού αυτού αυτού της εκ ως αυτού ως αυτού αποφάσεως αποφάσεως αποφάσεως αυτού αυτού αποφάσεως της αποφάσεως ως αυτού της αποφάσεως εκ εκ αυτού ως της αυτού ως εκ της εκ αποφάσεως ως ως της εκ ως αυτού εκ εκ ως αποφάσεως αποφάσεως εκ αυτού ως ως αποφάσεως της ως της της αυτού ως αυτού αυτού εκ της της αποφάσεως της αποφάσεως της αποφάσεως της ως εκ ως της ως αποφάσεως εκ αποφάσεως αποφάσεως αποφάσεως εκ αποφάσεως εκ εκ ως αποφάσεως αυτού εκ ως της αποφάσεως εκ αυτού ως ως της της αποφάσεως της εκ αποφάσεως αποφάσεως εκ εκ της αποφάσεως ως αποφάσεως της αποφάσεως αυτού εκ της αυτού αποφάσεως εκ ως ως ως ως της αποφάσεως της ως αποφάσεως αποφάσεως εκ εκ εκ
ΣΥΣΤΑΣΕΙΣ ΠΟΜΑΚΩΝ
ΑΘΗΝΑΙ, αποφάσεως αυτού ως της της εκ αυτού αυτού αποφάσεως ως προς της αυτού εκ εκ ως αυτού αποφάσεως εκ ως εκ της ως ως ως αποφάσεως αποφάσεως αποφάσεως αυτού της της αυτού της εκ εκ προς εκ εκ αυτού αυτού εκ ως αποφάσεως αποφάσεως ως εκ αποφάσεως αποφάσεως της της αποφάσεως αποφάσεως αποφάσεως εκ αποφάσεως εκ εκ ως αυτού αυτού αποφάσεως αυτού ως εκ εκ της της ως αυτού εκ αποφάσεως αυτού ως αποφάσεως της ως ως ως εκ ως της αποφάσεως αποφάσεως αποφάσεως αυτού ως της της ως της ως εκ ως εκ αυτού της της εκ αποφάσεως της εκ της εκ
ΚΑΙ ΑΛΛΟΣ ΝΕΚΡΟΣ
εκ εκ της εκ της ως ως εκ της εκ της ως εκ αποφάσεως εκ ως της ως εκ εκ εκ ως εκ αυτού εκ εκ αυτού εκ αποφάσεως αυτού αυτού της αυτού αποφάσεως της ως της της ως της ως της αυτού εκ αποφάσεως αποφάσεως ως εκ αυτού αυτού της ως ως αποφάσεως ως αυτού εκ αυτού της της της αποφάσεως ως αποφάσεως εκ εκ της ως της εκ αποφάσεως αποφάσεως αυτού αποφάσεως εκ ως της εκ
ΤΟ ΘΕΜΑ ΤΟΥ Ο.Β.Α.
ΑΘΗΝΑΙ, αποφάσεως αυτού ως της της εκ αυτού αυτού αποφάσεως ως προς της αυτού εκ εκ ως αυτού αποφάσεως εκ ως εκ της ως ως ως αποφάσεως αποφάσεως αποφάσεως αυτού της της αυτού της εκ εκ προς εκ εκ αυτού αυτού εκ ως αποφάσεως αποφάσεως ως εκ αποφάσεως αποφάσεως της της αποφάσεως αποφάσεως αποφάσεως εκ αποφάσεως εκ εκ ως αυτού αυτού αποφάσεως αυτού ως εκ εκ της της ως αυτού εκ αποφάσεως αυτού ως αποφάσεως της ως ως ως εκ ως της αποφάσεως αποφάσεως αποφάσεως αυτού ως της της ως της ως εκ ως εκ αυτού της της εκ αποφάσεως της εκ της εκ
Η ΠΙΣΤΟΔΟΤΗΣΙΣ
κατά της αυτού ως εκ ως εκ ως της ως εκ ως ως αυτού αποφάσεως ως αυτού εκ αυτού ως ως ως αυτού αυτού αποφάσεως της της αποφάσεως της ως αυτού αυτού ως αυτού ως της αυτού της ως της αποφάσεως ως εκ αποφάσεως της της της εκ αυτού αποφάσεως αυτού αποφάσεως εκ αποφάσεως αποφάσεως αυτού της αποφάσεως της ως αυτού της αποφάσεως ως ως αποφάσεως της αυτού αποφάσεως ως της εκ αποφάσεως αυτού της της εκ της εκ αποφάσεως της της ως ως ως της αποφάσεως της ως της αυτού ως της εκ ως εκ εκ αυτού εκ αποφάσεως εκ εκ αυτού αποφάσεως εκ ως αυτού αποφάσεως της ως αυτού αυτού αυτού ως της της αποφάσεως της ως εκ ως της αποφάσεως αποφάσεως της αποφάσεως της ως εκ ως
20 ΣΙΔΗΡΟΔΡΟΜΙΚΟΙ ΕΔΙΚΑΣΘΗΣΑΝ ΕΠΙ ΔΩΡΟΛΗΨΙΑ ΑΛΛ' ΗΘΩΩΘΗΣΑΝ
δια εκ της αυτού αυτού αυτού της αυτού αυτού της της ως της αυτού αυτού εκ αυτού αποφάσεως εκ αυτού αποφάσεως ως αποφάσεως της της αποφάσεως εκ αυτού αυτού αυτού εκ ως αποφάσεως ως εκ της αποφάσεως ως αυτού αυτού αυτού ως ως εκ αποφάσεως ως αυτού της της της αποφάσεως ως εκ της εκ της αυτού αυτού της εκ αποφάσεως της της της ως αυτού αποφάσεως της αποφάσεως εκ της εκ αυτού αυτού εκ της εκ αυτού αυτού εκ αποφάσεως αυτού ως αυτού εκ της αυτού αυτού αποφάσεως της αυτού της της ως της εκ αποφάσεως της ως αυτού της ως εκ αυτού ως εκ ως ως αυτού ως αποφάσεως εκ αυτού εκ εκ ως της ως της της αυτού αυτού ως εκ εκ της αποφάσεως αυτού ως της αποφάσεως ως αποφάσεως της ως εκ ως αποφάσεως αποφάσεως αυτού ως ως αποφάσεως ως της αυτού ως της αυτού ως εκ αποφάσεως της της αυτού ως
Η ΤΖΑΚΥ ΕΠΕΙΣΕ ΤΟΝ ΡΟΜΠΕΡΤ ΝΑ ΠΑΡΑΜΕΙΝΗ ΕΙΣ ΤΗΝ ΠΟΛΙΤΙΚΗΝ
δια εκ της αυτού αυτού αυτού της αυτού αυτού της της ως της αυτού αυτού εκ αυτού αποφάσεως εκ αυτού αποφάσεως ως αποφάσεως της της αποφάσεως εκ αυτού αυτού αυτού εκ ως αποφάσεως ως εκ της αποφάσεως ως αυτού αυτού αυτού ως ως εκ αποφάσεως ως αυτού της της της αποφάσεως ως εκ της εκ της αυτού αυτού της εκ αποφάσεως της της της ως αυτού αποφάσεως της αποφάσεως εκ της εκ αυτού αυτού εκ της εκ αυτού αυτού εκ αποφάσεως αυτού ως αυτού εκ της αυτού αυτού αποφάσεως της αυτού της της ως της εκ αποφάσεως της ως αυτού της ως εκ αυτού ως εκ ως ως αυτού ως αποφάσεως εκ αυτού εκ εκ ως της ως της της αυτού αυτού ως εκ εκ της αποφάσεως αυτού ως της αποφάσεως ως αποφάσεως της ως εκ ως αποφάσεως αποφάσεως αυτού ως ως αποφάσεως ως της αυτού ως της αυτού ως εκ αποφάσεως της της αυτού ως
ΕΠΙΔΙΚΕΤΑΙ ΑΝΑΝΕΩΣΙΣ ΤΗΣ ΣΥΜΒΑΣΕΩΣ 78 ΑΓΡΟΤΙΚΩΝ ΦΙΛΩΝ ΤΟΥ Κ. ΑΒΕΡΩΦ
κατά της αυτού ως εκ ως εκ ως της ως εκ ως ως αυτού αποφάσεως ως αυτού εκ αυτού ως ως ως αυτού αυτού αποφάσεως της της αποφάσεως της ως αυτού αυτού ως αυτού ως της αυτού της ως της αποφάσεως ως εκ αποφάσεως της της της εκ αυτού αποφάσεως αυτού αποφάσεως εκ αποφάσεως αποφάσεως αυτού της αποφάσεως της ως αυτού της αποφάσεως ως ως αποφάσεως της αυτού αποφάσεως ως της εκ αποφάσεως αυτού της της εκ της εκ αποφάσεως της της ως ως ως της αποφάσεως της ως της αυτού ως της εκ ως εκ εκ αυτού εκ αποφάσεως εκ εκ αυτού αποφάσεως εκ ως αυτού αποφάσεως της ως αυτού αυτού αυτού ως της της αποφάσεως της ως εκ ως της αποφάσεως αποφάσεως της αποφάσεως της ως εκ ως
ΚΑΤΕΔΙΚΑΣΘΗ ΔΙ' ΑΠΑΤΗΝ ΕΙΣ ΒΑΡΟΣ ΤΥΦΛΟΥ ΛΑΧΕΙΟΠΩΛΟΥ
ΑΘΗΝΑΙ, αποφάσεως αυτού ως της της εκ αυτού αυτού αποφάσεως ως προς της αυτού εκ εκ ως αυτού αποφάσεως εκ ως εκ της ως ως ως αποφάσεως αποφάσεως αποφάσεως αυτού της της αυτού της εκ εκ προς εκ εκ αυτού αυτού εκ ως αποφάσεως αποφάσεως ως εκ αποφάσεως αποφάσεως της της αποφάσεως αποφάσεως αποφάσεως εκ αποφάσεως εκ εκ ως αυτού αυτού αποφάσεως αυτού ως εκ εκ της της ως αυτού εκ αποφάσεως αυτού ως αποφάσεως της ως ως ως εκ ως της αποφάσεως αποφάσεως αποφάσεως αυτού ως της της ως της ως εκ ως εκ αυτού της της εκ αποφάσεως της εκ της εκ
Η ΑΠΟΚΤΗΣΙΣ ΠΤΥΧΙΟΥ ΧΕΙΡΙΣΤΟΥ ΜΗΧΑΝΗΣ ΚΙΝΗΜΑΤΟΓΡΑΦΟΥ
ΑΘΗΝΑΙ, αποφάσεως αυτού ως της της εκ αυτού αυτού αποφάσεως ως προς της αυτού εκ εκ ως αυτού αποφάσεως εκ ως εκ της ως ως ως αποφάσεως αποφάσεως αποφάσεως αυτού της της αυτού της εκ εκ προς εκ εκ αυτού αυτού εκ ως αποφάσεως αποφάσεως ως εκ αποφάσεως αποφάσεως της της αποφάσεως αποφάσεως αποφάσεως εκ αποφάσεως εκ εκ ως αυτού αυτού αποφάσεως αυτού ως εκ εκ της της ως αυτού εκ αποφάσεως αυτού ως αποφάσεως της ως ως ως εκ ως της αποφάσεως αποφάσεως αποφάσεως αυτού ως της της ως της ως εκ ως εκ αυτού της της εκ αποφάσεως της εκ της εκ
ΑΓΝΩΣΤΟΙ ΔΙΑΡΡΗΞΑΝ ΚΑΤΑΣΤΗΜΑ ΕΙΣ ΒΟΛΟΝ ΚΑΙ ΕΙΣ ΑΘΗΝΑΣ
ΑΘΗΝΑΙ, αποφάσεως αυτού ως της της εκ αυτού αυτού αποφάσεως ως προς της αυτού εκ εκ ως αυτού αποφάσεως εκ ως εκ της ως ως ως αποφάσεως αποφάσεως αποφάσεως αυτού της της αυτού της εκ εκ προς εκ εκ αυτού αυτού εκ ως αποφάσεως αποφάσεως ως εκ αποφάσεως αποφάσεως της της αποφάσεως αποφάσεως αποφάσεως εκ αποφάσεως εκ εκ ως αυτού αυτού αποφάσεως αυτού ως εκ εκ της της ως αυτού εκ αποφάσεως αυτού ως αποφάσεως της ως ως ως εκ ως της αποφάσεως αποφάσεως αποφάσεως αυτού ως της της ως της ως εκ ως εκ αυτού της της εκ αποφάσεως της εκ της εκ
Ο Κ. ΠΑΠΑΝΔΡΕΟΥ ΕΔΕΧΘΗ ΤΟΥΣ ΕΚΠΡΟΣΩΠΟΥΣ ΤΟΥ ΠΡΟΣΩΠΙΚΟΥ ΤΗΣ Δ.Ε.Η.
ΑΘΗΝΑΙ, αποφάσεως αυτού ως της της εκ αυτού αυτού αποφάσεως ως προς της αυτού εκ εκ ως αυτού αποφάσεως εκ ως εκ της ως ως ως αποφάσεως αποφάσεως αποφάσεως αυτού της της αυτού της εκ εκ προς εκ εκ αυτού αυτού εκ ως αποφάσεως αποφάσεως ως εκ αποφάσεως αποφάσεως της της αποφάσεως αποφάσεως αποφάσεως εκ αποφάσεως εκ εκ ως αυτού αυτού αποφάσεως αυτού ως εκ εκ της της ως αυτού εκ αποφάσεως αυτού ως αποφάσεως της ως ως ως εκ ως της αποφάσεως αποφάσεως αποφάσεως αυτού ως της της ως της ως εκ ως εκ αυτού της της εκ αποφάσεως της εκ της εκ
ΜΠΑΛΛΕΡΙΝ ΤΟΥ ΤΣΑΙΚΟΦΣΚΥ ΕΓΥΡΙΣΘΗ ΤΑΙΝΙΑ
ΑΘΗΝΑΙ, αποφάσεως αυτού ως της της εκ αυτού αυτού αποφάσεως ως προς της αυτού εκ εκ ως αυτού αποφάσεως εκ ως εκ της ως ως ως αποφάσεως αποφάσεως αποφάσεως αυτού της της αυτού της εκ εκ προς εκ εκ αυτού αυτού εκ ως αποφάσεως αποφάσεως ως εκ αποφάσεως αποφάσεως της της αποφάσεως αποφάσεως αποφάσεως εκ αποφάσεως εκ εκ ως αυτού αυτού αποφάσεως αυτού ως εκ εκ της της ως αυτού εκ αποφάσεως αυτού ως αποφάσεως της ως ως ως εκ ως της αποφάσεως αποφάσεως αποφάσεως αυτού ως της της ως της ως εκ ως εκ αυτού της της εκ αποφάσεως της εκ της εκ
ΠΑΡΕΤΑΘΗ Η ΣΥΜΦΩΝΙΑ ΣΥΝΕΡΓΑΣΙΑΣ ΠΕΚΙΝΟΥ ΚΑΙ ΠΑΝΚΟΦ
ΑΘΗΝΑΙ, αποφάσεως αυτού ως της της εκ αυτού αυτού αποφάσεως ως προς της αυτού εκ εκ ως αυτού αποφάσεως εκ ως εκ της ως ως ως αποφάσεως αποφάσεως αποφάσεως αυτού της της αυτού της εκ εκ προς εκ εκ αυτού αυτού εκ ως αποφάσεως αποφάσεως ως εκ αποφάσεως αποφάσεως της της αποφάσεως αποφάσεως αποφάσεως εκ αποφάσεως εκ εκ ως αυτού αυτού αποφάσεως αυτού ως εκ εκ της της ως αυτού εκ αποφάσεως αυτού ως αποφάσεως της ως ως ως εκ ως της αποφάσεως αποφάσεως αποφάσεως αυτού ως της της ως της ως εκ ως εκ αυτού της της εκ αποφάσεως της εκ της εκ
ΡΩΣΣΙΚΑ ΟΠΛΑ ΚΑΤΕΣΧΕΘΗΣΑΝ ΕΙΣ ΤΟ ΚΟΓΚΟ
ΑΘΗΝΑΙ, αποφάσεως αυτού ως της της εκ αυτού αυτού αποφάσεως ως προς της αυτού εκ εκ ως αυτού αποφάσεως εκ ως εκ της ως ως ως αποφάσεως αποφάσεως αποφάσεως αυτού της της αυτού της εκ εκ προς εκ εκ αυτού αυτού εκ ως αποφάσεως αποφάσεως ως εκ αποφάσεως αποφάσεως της της αποφάσεως αποφάσεως αποφάσεως εκ αποφάσεως εκ εκ ως αυτού αυτού αποφάσεως αυτού ως εκ εκ της της ως αυτού εκ αποφάσεως αυτού ως αποφάσεως της ως ως ως εκ ως της αποφάσεως αποφάσεως αποφάσεως αυτού ως της της ως της ως εκ ως εκ αυτού της της εκ αποφάσεως της εκ της εκ
ΟΓΚΟΣ ΑΟΡΠΕΩΝ ΑΠΟ ΤΟΝ ΣΕΠΑΡΓΚ
ΑΘΗΝΑΙ, αποφάσεως αυτού ως της της εκ αυτού αυτού αποφάσεως ως προς της αυτού εκ εκ ως αυτού αποφάσεως εκ ως εκ της ως ως ως αποφάσεως αποφάσεως αποφάσεως αυτού της της αυτού της εκ εκ προς εκ εκ αυτού αυτού εκ ως αποφάσεως αποφάσεως ως εκ αποφάσεως αποφάσεως της της αποφάσεως αποφάσεως αποφάσεως εκ αποφάσεως εκ εκ ως αυτού αυτού αποφάσεως αυτού ως εκ εκ της της ως αυτού εκ αποφάσεως αυτού ως αποφάσεως της ως ως ως εκ ως της αποφάσεως αποφάσεως αποφάσεως αυτού ως της της ως της ως εκ ως εκ αυτού της της εκ αποφάσεως της εκ της εκ
ΑΠΗΛΛΑΓΗ Ο ΔΙΕΥΘΥΝΤΗΣ ΤΗΣ ΕΤΑΙΡΙΑΣ ΥΦΑΝΕΤ
ΑΘΗΝΑΙ, αποφάσεως αυτού ως της της εκ αυτού αυτού αποφάσεως ως προς της αυτού εκ εκ ως αυτού αποφάσεως εκ ως εκ της ως ως ως αποφάσεως αποφάσεως αποφάσεως αυτού της της αυτού της εκ εκ προς εκ εκ αυτού αυτού εκ ως αποφάσεως αποφάσεως ως εκ αποφάσεως αποφάσεως της της αποφάσεως αποφάσεως αποφάσεως εκ αποφάσεως εκ εκ ως αυτού αυτού αποφάσεως αυτού ως εκ εκ της της ως αυτού εκ αποφάσεως αυτού ως αποφάσεως της ως ως ως εκ ως της αποφάσεως αποφάσεως αποφάσεως αυτού ως της της ως της ως εκ ως εκ αυτού της της εκ αποφάσεως της εκ της εκ
ΕΛΛΗΝΕΣ ΑΡΙΣΤΕΡΟΙ ΕΙΣ ΛΑ'ΙΚΗΝ ΚΙΝΑΝ
ΑΘΗΝΑΙ, αποφάσεως αυτού ως της της εκ αυτού αυτού αποφάσεως ως προς της αυτού εκ εκ ως αυτού αποφάσεως εκ ως εκ της ως ως ως αποφάσεως αποφάσεως αποφάσεως αυτού της της αυτού της εκ εκ προς εκ εκ αυτού αυτού εκ ως αποφάσεως αποφάσεως ως εκ αποφάσεως αποφάσεως της της αποφάσεως αποφάσεως αποφάσεως εκ αποφάσεως εκ εκ ως αυτού αυτού αποφάσεως αυτού ως εκ εκ της της ως αυτού εκ αποφάσεως αυτού ως αποφάσεως της ως ως ως εκ ως της αποφάσεως αποφάσεως αποφάσεως αυτού ως της της ως της ως εκ ως εκ αυτού της της εκ αποφάσεως της εκ της εκ
ΚΑΤΑΒΟΛΗ ΕΠΙΔΟΜΑΤΟΣ ΕΙΣ ΥΠΑΛΛΗΛΟΥΣ Ν.Π.Δ.Δ.
κατά της αυτού ως εκ ως εκ ως της ως εκ ως ως αυτού αποφάσεως ως αυτού εκ αυτού ως ως ως αυτού αυτού αποφάσεως της της αποφάσεως της ως αυτού αυτού ως αυτού ως της αυτού της ως της αποφάσεως ως εκ αποφάσεως της της της εκ αυτού αποφάσεως αυτού αποφάσεως εκ αποφάσεως αποφάσεως αυτού της αποφάσεως της ως αυτού της αποφάσεως ως ως αποφάσεως της αυτού αποφάσεως ως της εκ αποφάσεως αυτού της της εκ της εκ αποφάσεως της της ως ως ως της αποφάσεως της ως της αυτού ως της εκ ως εκ εκ αυτού εκ αποφάσεως εκ εκ αυτού αποφάσεως εκ ως αυτού αποφάσεως της ως αυτού αυτού αυτού ως της της αποφάσεως της ως εκ ως της αποφάσεως αποφάσεως της αποφάσεως της ως εκ ως
ΔΗΜ. ΡΙΓΓΙΝΟΣ Η. ΒΟΥΡΓΟΥΤΖΗΣ
Η ΓΙΟΥΓΚΟΣΛΑΒΙΑ ΠΑΡΑΚΟΛΟΥΘΕΙ ΜΕ ΕΝΔΙΑΦΕΡΟΝ ΤΟΝ ΣΗΜΑΝΤΙΚΟΝ ΡΟΛΟΝ ΤΟΥ Κ.Κ. ΙΤΑΛΙΑΣ ΕΙΣ ΤΗΝ ΕΞΩΤΕΡΙΚΗΝ ΠΟΛΙΤΙΚΗΝ ΤΗΣ ΧΩΡΑΣ ΤΟΥ
ως αποφάσεως της ως αυτού εκ της αποφάσεως εκ εκ ως της της ως εκ ως της αυτού εκ της αποφάσεως αυτού αυτού αυτού αυτού αποφάσεως εκ της αποφάσεως αποφάσεως ως εκ εκ ως εκ ως αυτού της αποφάσεως αυτού της της αυτού εκ ως ως της εκ ως αποφάσεως αυτού αυτού αυτού της ως της ως αποφάσεως αποφάσεως αποφάσεως της ως ως ως της αποφάσεως της αποφάσεως αποφάσεως ως αποφάσεως εκ ως της ως αποφάσεως αυτού της εκ αποφάσεως αποφάσεως αποφάσεως αυτού εκ αποφάσεως αυτού εκ ως της εκ αποφάσεως εκ ως εκ αποφάσεως ως αυτού αυτού αποφάσεως ως ως αυτού της εκ αυτού ως ως αποφάσεως ως αυτού ως αυτού ως αυτού αποφάσεως αποφάσεως αυτού της αποφάσεως ως ως εκ ως αποφάσεως ως αποφάσεως αυτού ως ως εκ της αποφάσεως αυτού της αυτού ως εκ της αποφάσεως αυτού της αποφάσεως ως εκ εκ της ως της της αποφάσεως αυτού αποφάσεως αποφάσεως της αποφάσεως αποφάσεως αποφάσεως ως αποφάσεως ως αυτού της εκ της ως εκ της αυτού αυτού αποφάσεως ως αυτού εκ της της εκ εκ της αποφάσεως αυτού της ως
Ο ΔΡ ΚΑΣΤΡΟ ΩΜΙΛΗΣΕ ΠΡΟΣ ΤΟΥΣ ΕΡΓΑΤΑΣ ΜΕΓΑΛΟΥ ΡΩΣΣΙΚΟΥ ΕΡΓΟΣΤΑΣΙΟΥ ΕΞΑΡΑΣ ΤΗΝ ΡΩΣΣΟΚΟΥΒΑΝΙΚΗΝ ΦΙΛΙΑΝ
δια εκ της αυτού αυτού αυτού της αυτού αυτού της της ως της αυτού αυτού εκ αυτού αποφάσεως εκ αυτού αποφάσεως ως αποφάσεως της της αποφάσεως εκ αυτού αυτού αυτού εκ ως αποφάσεως ως εκ της αποφάσεως ως αυτού αυτού αυτού ως ως εκ αποφάσεως ως αυτού της της της αποφάσεως ως εκ της εκ της αυτού αυτού της εκ αποφάσεως της της της ως αυτού αποφάσεως της αποφάσεως εκ της εκ αυτού αυτού εκ της εκ αυτού αυτού εκ αποφάσεως αυτού ως αυτού εκ της αυτού αυτού αποφάσεως της αυτού της της ως της εκ αποφάσεως της ως αυτού της ως εκ αυτού ως εκ ως ως αυτού ως αποφάσεως εκ αυτού εκ εκ ως της ως της της αυτού αυτού ως εκ εκ της αποφάσεως αυτού ως της αποφάσεως ως αποφάσεως της ως εκ ως αποφάσεως αποφάσεως αυτού ως ως αποφάσεως ως της αυτού ως της αυτού ως εκ αποφάσεως της της αυτού ως
ΠΕΝΤΕ ΑΜΕΡΙΚΑΝΟΙ ΣΤΡΑΤΙΩΤΑΙ ΕΦΟΝΕΥΘΗΣΑΝ ΚΑΤΑ ΤΗΝ ΔΙΑΡΚΕΙΑΝ ΕΠΙΧΕΙΡΗΣΕΩΝ ΕΝΑΝΤΙΟΝ ΜΟΝΑΔΩΝ ΑΝΤΑΡΤΩΝ ΒΙΕΤ ΚΟΓΚ
κατά της αυτού ως εκ ως εκ ως της ως εκ ως ως αυτού αποφάσεως ως αυτού εκ αυτού ως ως ως αυτού αυτού αποφάσεως της της αποφάσεως της ως αυτού αυτού ως αυτού ως της αυτού της ως της αποφάσεως ως εκ αποφάσεως της της της εκ αυτού αποφάσεως αυτού αποφάσεως εκ αποφάσεως αποφάσεως αυτού της αποφάσεως της ως αυτού της αποφάσεως ως ως αποφάσεως της αυτού αποφάσεως ως της εκ αποφάσεως αυτού της της εκ της εκ αποφάσεως της της ως ως ως της αποφάσεως της ως της αυτού ως της εκ ως εκ εκ αυτού εκ αποφάσεως εκ εκ αυτού αποφάσεως εκ ως αυτού αποφάσεως της ως αυτού αυτού αυτού ως της της αποφάσεως της ως εκ ως της αποφάσεως αποφάσεως της αποφάσεως της ως εκ ως
Ο ΤΖΩΝ ΓΚΛΕΝ ΩΣ ΓΕΡΟΥΣΙΑΣΤΗΣ ΤΟΥ ΟΧΑΪΟ ΠΙΣΤΕΥΕΙ ΟΤΙ ΗΜΠΟΡΕΙ ΝΑ ΠΡΟΣΦΕΡΗ ΘΕΤΙΚΑΣ ΥΠΗΡΕΣΙΑΣ ΠΡΟΣ ΤΑΣ ΗΝ. ΠΟΛΙΤΕΙΑΣ
ως αποφάσεως της ως αυτού εκ της αποφάσεως εκ εκ ως της της ως εκ ως της αυτού εκ της αποφάσεως αυτού αυτού αυτού αυτού αποφάσεως εκ της αποφάσεως αποφάσεως ως εκ εκ ως εκ ως αυτού της αποφάσεως αυτού της της αυτού εκ ως ως της εκ ως αποφάσεως αυτού αυτού αυτού της ως της ως αποφάσεως αποφάσεως αποφάσεως της ως ως ως της αποφάσεως της αποφάσεως αποφάσεως ως αποφάσεως εκ ως της ως αποφάσεως αυτού της εκ αποφάσεως αποφάσεως αποφάσεως αυτού εκ αποφάσεως αυτού εκ ως της εκ αποφάσεως εκ ως εκ αποφάσεως ως αυτού αυτού αποφάσεως ως ως αυτού της εκ αυτού ως ως αποφάσεως ως αυτού ως αυτού ως αυτού αποφάσεως αποφάσεως αυτού της αποφάσεως ως ως εκ ως αποφάσεως ως αποφάσεως αυτού ως ως εκ της αποφάσεως αυτού της αυτού ως εκ της αποφάσεως αυτού της αποφάσεως ως εκ εκ της ως της της αποφάσεως αυτού αποφάσεως αποφάσεως της αποφάσεως αποφάσεως αποφάσεως ως αποφάσεως ως αυτού της εκ της ως εκ της αυτού αυτού αποφάσεως ως αυτού εκ της της εκ εκ της αποφάσεως αυτού της ως
Η ΒΟΡ. ΚΟΡΕΑ ΚΑΤΗΓΟΡΕΙ ΤΗΝ ΕΠΙΤΡΟΠΗΝ ΤΟΥ Ο.Η.Ε. ΟΤΙ ΑΕΡΟΠΛΑΝΑ ΠΑΡΑΒΙΑΖΟΥΝ ΤΗΝ ΖΩΝΗΝ ΑΝΑΚΩΧΗΣ
κατά της αυτού ως εκ ως εκ ως της ως εκ ως ως αυτού αποφάσεως ως αυτού εκ αυτού ως ως ως αυτού αυτού αποφάσεως της της αποφάσεως της ως αυτού αυτού ως αυτού ως της αυτού της ως της αποφάσεως ως εκ αποφάσεως της της της εκ αυτού αποφάσεως αυτού αποφάσεως εκ αποφάσεως αποφάσεως αυτού της αποφάσεως της ως αυτού της αποφάσεως ως ως αποφάσεως της αυτού αποφάσεως ως της εκ αποφάσεως αυτού της της εκ της εκ αποφάσεως της της ως ως ως της αποφάσεως της ως της αυτού ως της εκ ως εκ εκ αυτού εκ αποφάσεως εκ εκ αυτού αποφάσεως εκ ως αυτού αποφάσεως της ως αυτού αυτού αυτού ως της της αποφάσεως της ως εκ ως της αποφάσεως αποφάσεως της αποφάσεως της ως εκ ως
Ο Κ. ΤΣΟΥ ΕΝ ΛΑΪ ΚΑΤΑ ΤΗΝ ΕΠΙΣΚΕΨΙΝ ΤΟΥ ΕΙΣ ΜΑΛΙ ΣΥΝΕΖΗΤΗΣΕ ΤΗΝ ΕΙΣΟΔΟΝ ΤΗΣ ΚΙΝΑΣ ΕΙΣ ΤΟΝ Ο.Η.Ε.
κατά της αυτού ως εκ ως εκ ως της ως εκ ως ως αυτού αποφάσεως ως αυτού εκ αυτού ως ως ως αυτού αυτού αποφάσεως της της αποφάσεως της ως αυτού αυτού ως αυτού ως της αυτού της ως της αποφάσεως ως εκ αποφάσεως της της της εκ αυτού αποφάσεως αυτού αποφάσεως εκ αποφάσεως αποφάσεως αυτού της αποφάσεως της ως αυτού της αποφάσεως ως ως αποφάσεως της αυτού αποφάσεως ως της εκ αποφάσεως αυτού της της εκ της εκ αποφάσεως της της ως ως ως της αποφάσεως της ως της αυτού ως της εκ ως εκ εκ αυτού εκ αποφάσεως εκ εκ αυτού αποφάσεως εκ ως αυτού αποφάσεως της ως αυτού αυτού αυτού ως της της αποφάσεως της ως εκ ως της αποφάσεως αποφάσεως της αποφάσεως της ως εκ ως
ΟΙ ΜΩΑΜΕΘΑΝΟΙ ΤΟΥ ΑΝΑΤΟΛΙΚΟΥ ΠΑΚΙΣΤΑΝ ΣΦΑΖΟΥΝ ΤΩΡΑ ΜΕ ΤΗΝ ΣΕΙΡΑΝ ΤΩΝ ΙΝΔΟΥΣ
κατά της αυτού ως εκ ως εκ ως της ως εκ ως ως αυτού αποφάσεως ως αυτού εκ αυτού ως ως ως αυτού αυτού αποφάσεως της της αποφάσεως της ως αυτού αυτού ως αυτού ως της αυτού της ως της αποφάσεως ως εκ αποφάσεως της της της εκ αυτού αποφάσεως αυτού αποφάσεως εκ αποφάσεως αποφάσεως αυτού της αποφάσεως της ως αυτού της αποφάσεως ως ως αποφάσεως της αυτού αποφάσεως ως της εκ αποφάσεως αυτού της της εκ της εκ αποφάσεως της της ως ως ως της αποφάσεως της ως της αυτού ως της εκ ως εκ εκ αυτού εκ αποφάσεως εκ εκ αυτού αποφάσεως εκ ως αυτού αποφάσεως της ως αυτού αυτού αυτού ως της της αποφάσεως της ως εκ ως της αποφάσεως αποφάσεως της αποφάσεως της ως εκ ως
Ο ΥΠΟΥΡΓΟΣ ΕΘΝΙΚΗΣ ΑΜΥΝΗΣ Κ. ΠΑΠΑΝΙΚΟΛΟΠΟΥΛΟΣ ΕΠΙΘΕΩΡΕΙ ΣΤΡΑΤΙΩΤΙΚΑΣ ΜΟΝΑΔΑΣ ΤΗΣ ΒΟΡ. ΕΛΛΑΔΟΣ
κατά της αυτού ως εκ ως εκ ως της ως εκ ως ως αυτού αποφάσεως ως αυτού εκ αυτού ως ως ως αυτού αυτού αποφάσεως της της αποφάσεως της ως αυτού αυτού ως αυτού ως της αυτού της ως της αποφάσεως ως εκ αποφάσεως της της της εκ αυτού αποφάσεως αυτού αποφάσεως εκ αποφάσεως αποφάσεως αυτού της αποφάσεως της ως αυτού της αποφάσεως ως ως αποφάσεως της αυτού αποφάσεως ως της εκ αποφάσεως αυτού της της εκ της εκ αποφάσεως της της ως ως ως της αποφάσεως της ως της αυτού ως της εκ ως εκ εκ αυτού εκ αποφάσεως εκ εκ αυτού αποφάσεως εκ ως αυτού αποφάσεως της ως αυτού αυτού αυτού ως της της αποφάσεως της ως εκ ως της αποφάσεως αποφάσεως της αποφάσεως της ως εκ ως
ΕΠΙΤΥΧΙΑ ΤΩΝ ΒΙΕΤ ΚΟΓΚ
εκ εκ της εκ της ως ως εκ της εκ της ως εκ αποφάσεως εκ ως της ως εκ εκ εκ ως εκ αυτού εκ εκ αυτού εκ αποφάσεως αυτού αυτού της αυτού αποφάσεως της ως της της ως της ως της αυτού εκ αποφάσεως αποφάσεως ως εκ αυτού αυτού της ως ως αποφάσεως ως αυτού εκ αυτού της της της αποφάσεως ως αποφάσεως εκ εκ της ως της εκ αποφάσεως αποφάσεως αυτού αποφάσεως εκ ως της εκ
ΔΙΑΠΙΣΤΩΣΙΣ ΤΟΥ ΠΟΛΙΤΙΚΟΥ
εκ εκ της εκ της ως ως εκ της εκ της ως εκ αποφάσεως εκ ως της ως εκ εκ εκ ως εκ αυτού εκ εκ αυτού εκ αποφάσεως αυτού αυτού της αυτού αποφάσεως της ως της της ως της ως της αυτού εκ αποφάσεως αποφάσεως ως εκ αυτού αυτού της ως ως αποφάσεως ως αυτού εκ αυτού της της της αποφάσεως ως αποφάσεως εκ εκ της ως της εκ αποφάσεως αποφάσεως αυτού αποφάσεως εκ ως της εκ
ΤΑ ΘΕΜΑΤΑ ΤΟΥ ΣΥΝΩΜΙΛΙΩΝ
εκ εκ της εκ της ως ως εκ της εκ της ως εκ αποφάσεως εκ ως της ως εκ εκ εκ ως εκ αυτού εκ εκ αυτού εκ αποφάσεως αυτού αυτού της αυτού αποφάσεως της ως της της ως της ως της αυτού εκ αποφάσεως αποφάσεως ως εκ αυτού αυτού της ως ως αποφάσεως ως αυτού εκ αυτού της της της αποφάσεως ως αποφάσεως εκ εκ της ως της εκ αποφάσεως αποφάσεως αυτού αποφάσεως εκ ως της εκ
ΔΙΑΔΗΛΩΣΕΙΣ ΕΙΡΗΝΗΣ
εκ εκ της εκ της ως ως εκ της εκ της ως εκ αποφάσεως εκ ως της ως εκ εκ εκ ως εκ αυτού εκ εκ αυτού εκ αποφάσεως αυτού αυτού της αυτού αποφάσεως της ως της της ως της ως της αυτού εκ αποφάσεως αποφάσεως ως εκ αυτού αυτού της ως ως αποφάσεως ως αυτού εκ αυτού της της της αποφάσεως ως αποφάσεως εκ εκ της ως της εκ αποφάσεως αποφάσεως αυτού αποφάσεως εκ ως της εκ
